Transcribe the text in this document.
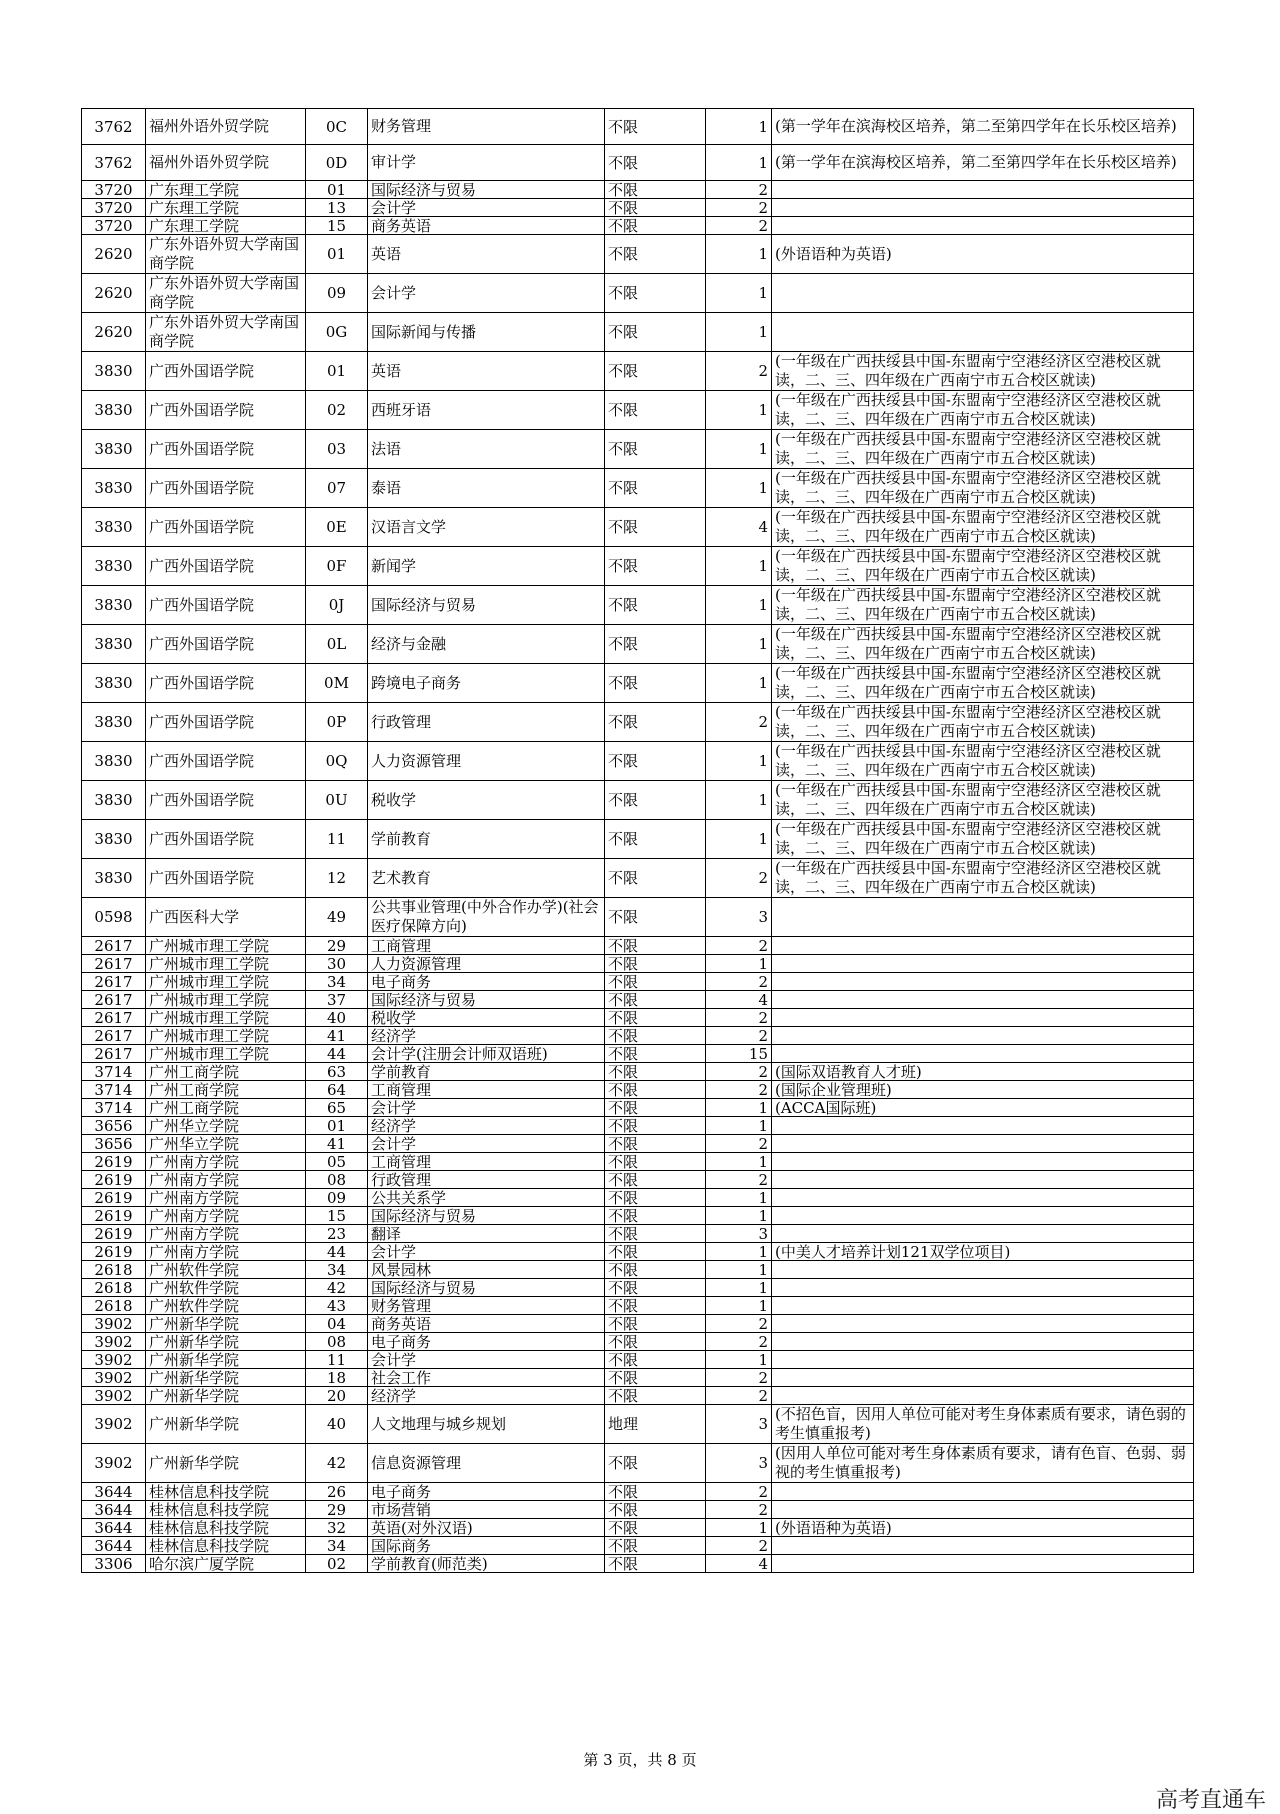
3762	福州外语外贸学院	0C	财务管理	不限	1	(第一学年在滨海校区培养，第二至第四学年在长乐校区培养)
3762	福州外语外贸学院	0D	审计学	不限	1	(第一学年在滨海校区培养，第二至第四学年在长乐校区培养)
3720	广东理工学院	01	国际经济与贸易	不限	2	
3720	广东理工学院	13	会计学	不限	2	
3720	广东理工学院	15	商务英语	不限	2	
2620	广东外语外贸大学南国商学院	01	英语	不限	1	(外语语种为英语)
2620	广东外语外贸大学南国商学院	09	会计学	不限	1	
2620	广东外语外贸大学南国商学院	0G	国际新闻与传播	不限	1	
3830	广西外国语学院	01	英语	不限	2	(一年级在广西扶绥县中国-东盟南宁空港经济区空港校区就读，二、三、四年级在广西南宁市五合校区就读)
3830	广西外国语学院	02	西班牙语	不限	1	(一年级在广西扶绥县中国-东盟南宁空港经济区空港校区就读，二、三、四年级在广西南宁市五合校区就读)
3830	广西外国语学院	03	法语	不限	1	(一年级在广西扶绥县中国-东盟南宁空港经济区空港校区就读，二、三、四年级在广西南宁市五合校区就读)
3830	广西外国语学院	07	泰语	不限	1	(一年级在广西扶绥县中国-东盟南宁空港经济区空港校区就读，二、三、四年级在广西南宁市五合校区就读)
3830	广西外国语学院	0E	汉语言文学	不限	4	(一年级在广西扶绥县中国-东盟南宁空港经济区空港校区就读，二、三、四年级在广西南宁市五合校区就读)
3830	广西外国语学院	0F	新闻学	不限	1	(一年级在广西扶绥县中国-东盟南宁空港经济区空港校区就读，二、三、四年级在广西南宁市五合校区就读)
3830	广西外国语学院	0J	国际经济与贸易	不限	1	(一年级在广西扶绥县中国-东盟南宁空港经济区空港校区就读，二、三、四年级在广西南宁市五合校区就读)
3830	广西外国语学院	0L	经济与金融	不限	1	(一年级在广西扶绥县中国-东盟南宁空港经济区空港校区就读，二、三、四年级在广西南宁市五合校区就读)
3830	广西外国语学院	0M	跨境电子商务	不限	1	(一年级在广西扶绥县中国-东盟南宁空港经济区空港校区就读，二、三、四年级在广西南宁市五合校区就读)
3830	广西外国语学院	0P	行政管理	不限	2	(一年级在广西扶绥县中国-东盟南宁空港经济区空港校区就读，二、三、四年级在广西南宁市五合校区就读)
3830	广西外国语学院	0Q	人力资源管理	不限	1	(一年级在广西扶绥县中国-东盟南宁空港经济区空港校区就读，二、三、四年级在广西南宁市五合校区就读)
3830	广西外国语学院	0U	税收学	不限	1	(一年级在广西扶绥县中国-东盟南宁空港经济区空港校区就读，二、三、四年级在广西南宁市五合校区就读)
3830	广西外国语学院	11	学前教育	不限	1	(一年级在广西扶绥县中国-东盟南宁空港经济区空港校区就读，二、三、四年级在广西南宁市五合校区就读)
3830	广西外国语学院	12	艺术教育	不限	2	(一年级在广西扶绥县中国-东盟南宁空港经济区空港校区就读，二、三、四年级在广西南宁市五合校区就读)
0598	广西医科大学	49	公共事业管理(中外合作办学)(社会医疗保障方向)	不限	3	
2617	广州城市理工学院	29	工商管理	不限	2	
2617	广州城市理工学院	30	人力资源管理	不限	1	
2617	广州城市理工学院	34	电子商务	不限	2	
2617	广州城市理工学院	37	国际经济与贸易	不限	4	
2617	广州城市理工学院	40	税收学	不限	2	
2617	广州城市理工学院	41	经济学	不限	2	
2617	广州城市理工学院	44	会计学(注册会计师双语班)	不限	15	
3714	广州工商学院	63	学前教育	不限	2	(国际双语教育人才班)
3714	广州工商学院	64	工商管理	不限	2	(国际企业管理班)
3714	广州工商学院	65	会计学	不限	1	(ACCA国际班)
3656	广州华立学院	01	经济学	不限	1	
3656	广州华立学院	41	会计学	不限	2	
2619	广州南方学院	05	工商管理	不限	1	
2619	广州南方学院	08	行政管理	不限	2	
2619	广州南方学院	09	公共关系学	不限	1	
2619	广州南方学院	15	国际经济与贸易	不限	1	
2619	广州南方学院	23	翻译	不限	3	
2619	广州南方学院	44	会计学	不限	1	(中美人才培养计划121双学位项目)
2618	广州软件学院	34	风景园林	不限	1	
2618	广州软件学院	42	国际经济与贸易	不限	1	
2618	广州软件学院	43	财务管理	不限	1	
3902	广州新华学院	04	商务英语	不限	2	
3902	广州新华学院	08	电子商务	不限	2	
3902	广州新华学院	11	会计学	不限	1	
3902	广州新华学院	18	社会工作	不限	2	
3902	广州新华学院	20	经济学	不限	2	
3902	广州新华学院	40	人文地理与城乡规划	地理	3	(不招色盲，因用人单位可能对考生身体素质有要求，请色弱的考生慎重报考)
3902	广州新华学院	42	信息资源管理	不限	3	(因用人单位可能对考生身体素质有要求，请有色盲、色弱、弱视的考生慎重报考)
3644	桂林信息科技学院	26	电子商务	不限	2	
3644	桂林信息科技学院	29	市场营销	不限	2	
3644	桂林信息科技学院	32	英语(对外汉语)	不限	1	(外语语种为英语)
3644	桂林信息科技学院	34	国际商务	不限	2	
3306	哈尔滨广厦学院	02	学前教育(师范类)	不限	4	
第 3 页，共 8 页
高考直通车
